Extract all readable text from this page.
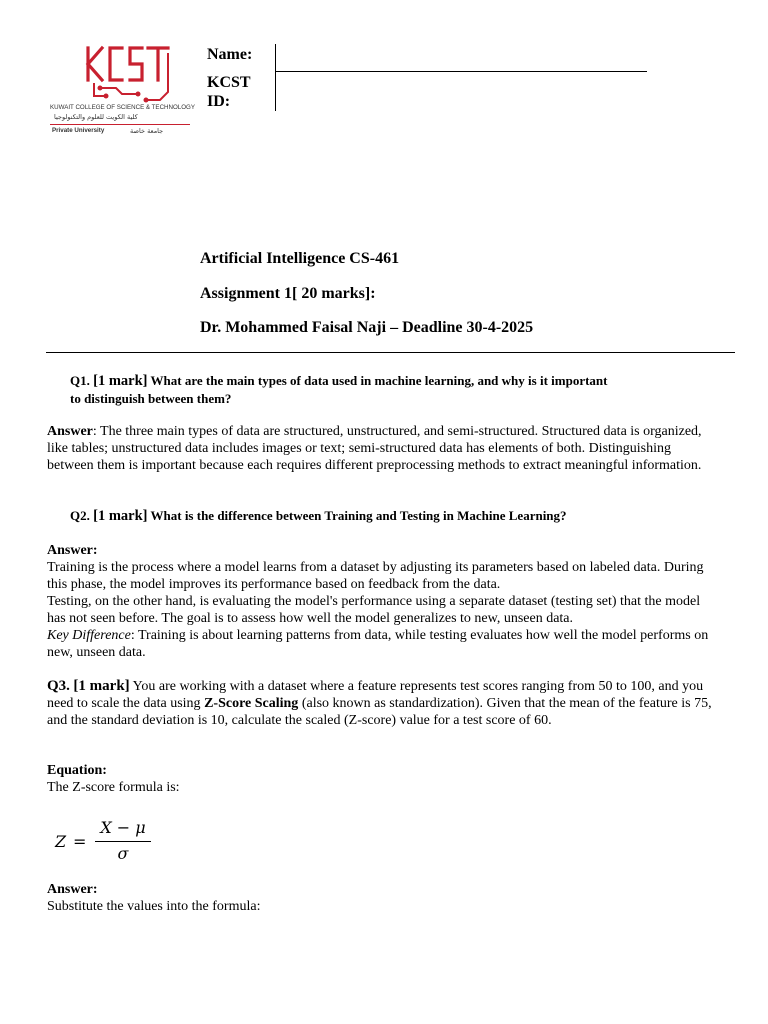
KUWAIT COLLEGE OF SCIENCE & TECHNOLOGY
كلية الكويت للعلوم والتكنولوجيا
Private University	جامعة خاصة
Name:
KCST
ID:
Artificial Intelligence CS-461
Assignment 1[ 20 marks]:
Dr. Mohammed Faisal Naji – Deadline 30-4-2025
Q1. [1 mark] What are the main types of data used in machine learning, and why is it important
to distinguish between them?
Answer: The three main types of data are structured, unstructured, and semi-structured. Structured data is organized, like tables; unstructured data includes images or text; semi-structured data has elements of both. Distinguishing between them is important because each requires different preprocessing methods to extract meaningful information.
Q2. [1 mark] What is the difference between Training and Testing in Machine Learning?
Answer:
Training is the process where a model learns from a dataset by adjusting its parameters based on labeled data. During this phase, the model improves its performance based on feedback from the data.
Testing, on the other hand, is evaluating the model's performance using a separate dataset (testing set) that the model has not seen before. The goal is to assess how well the model generalizes to new, unseen data.
Key Difference: Training is about learning patterns from data, while testing evaluates how well the model performs on new, unseen data.
Q3. [1 mark] You are working with a dataset where a feature represents test scores ranging from 50 to 100, and you need to scale the data using Z-Score Scaling (also known as standardization). Given that the mean of the feature is 75, and the standard deviation is 10, calculate the scaled (Z-score) value for a test score of 60.
Equation:
The Z-score formula is:
Z =
X − μ
σ
Answer:
Substitute the values into the formula:
